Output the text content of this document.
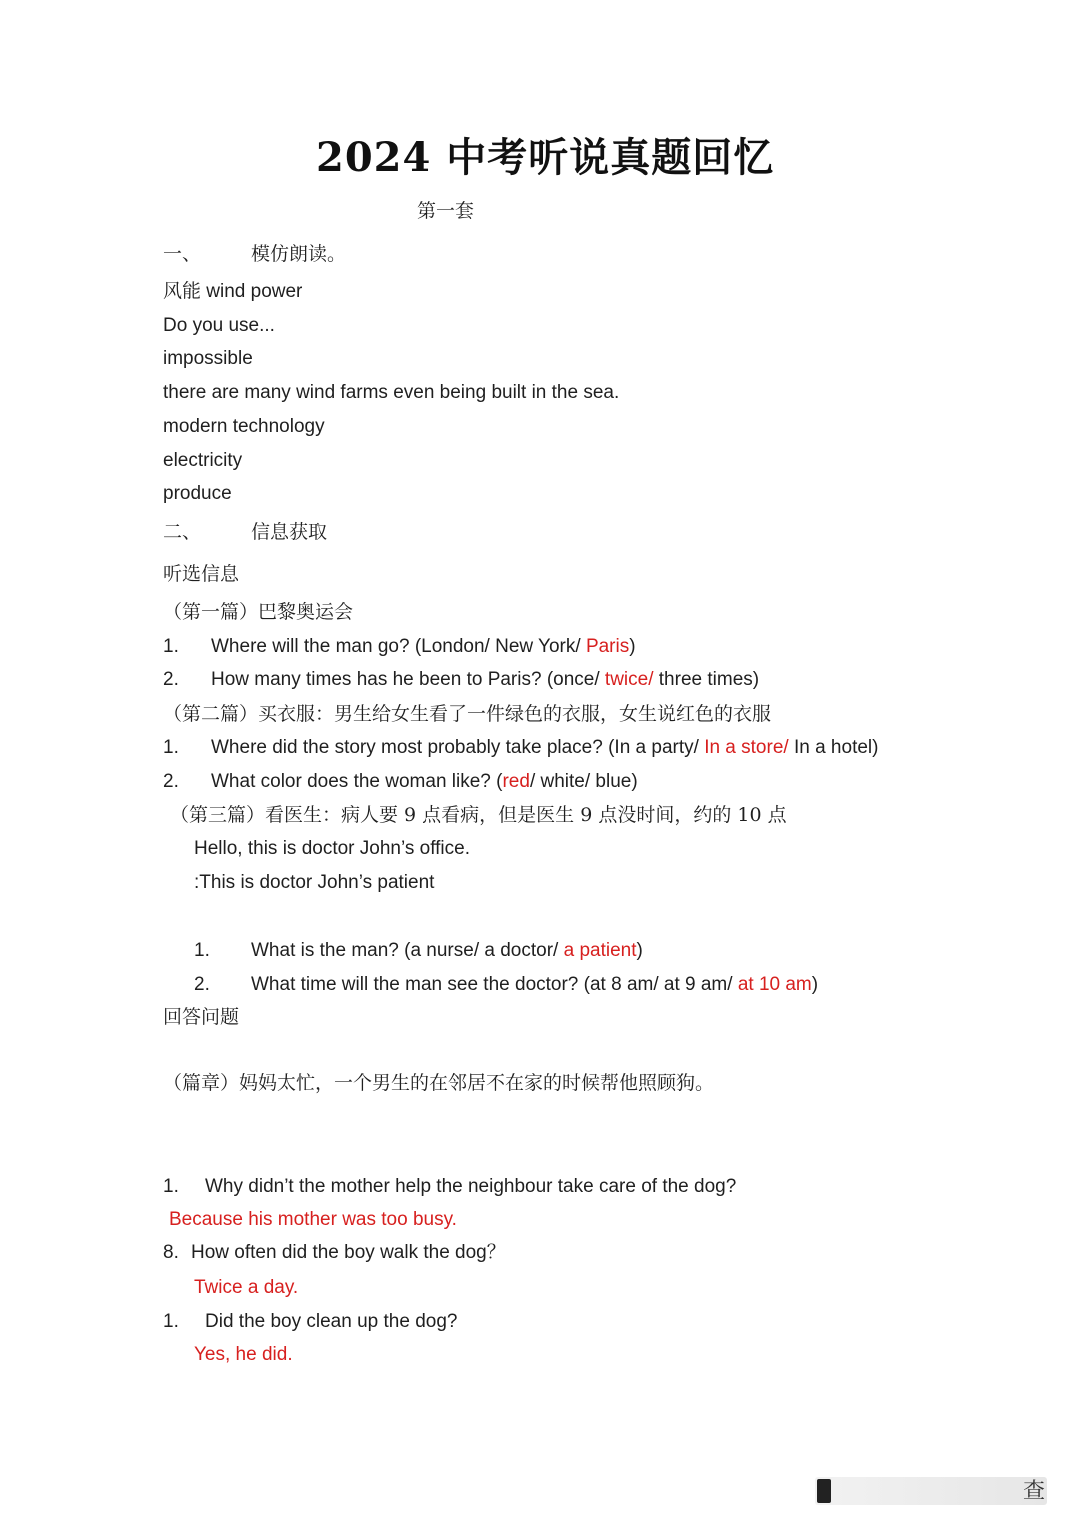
2024 中考听说真题回忆
第一套
一、	模仿朗读。
风能 wind power
Do you use...
impossible
there are many wind farms even being built in the sea.
modern technology
electricity
produce
二、	信息获取
听选信息
（第一篇）巴黎奥运会
1. Where will the man go? (London/ New York/ Paris)
2. How many times has he been to Paris? (once/ twice/ three times)
（第二篇）买衣服：男生给女生看了一件绿色的衣服，女生说红色的衣服
1. Where did the story most probably take place? (In a party/ In a store/ In a hotel)
2. What color does the woman like? (red/ white/ blue)
（第三篇）看医生：病人要 9 点看病，但是医生 9 点没时间，约的 10 点
Hello, this is doctor John’s office.
:This is doctor John’s patient
1. What is the man? (a nurse/ a doctor/ a patient)
2. What time will the man see the doctor? (at 8 am/ at 9 am/ at 10 am)
回答问题
（篇章）妈妈太忙，一个男生的在邻居不在家的时候帮他照顾狗。
1. Why didn’t the mother help the neighbour take care of the dog?
Because his mother was too busy.
8. How often did the boy walk the dog？
Twice a day.
1. Did the boy clean up the dog?
Yes, he did.
查
